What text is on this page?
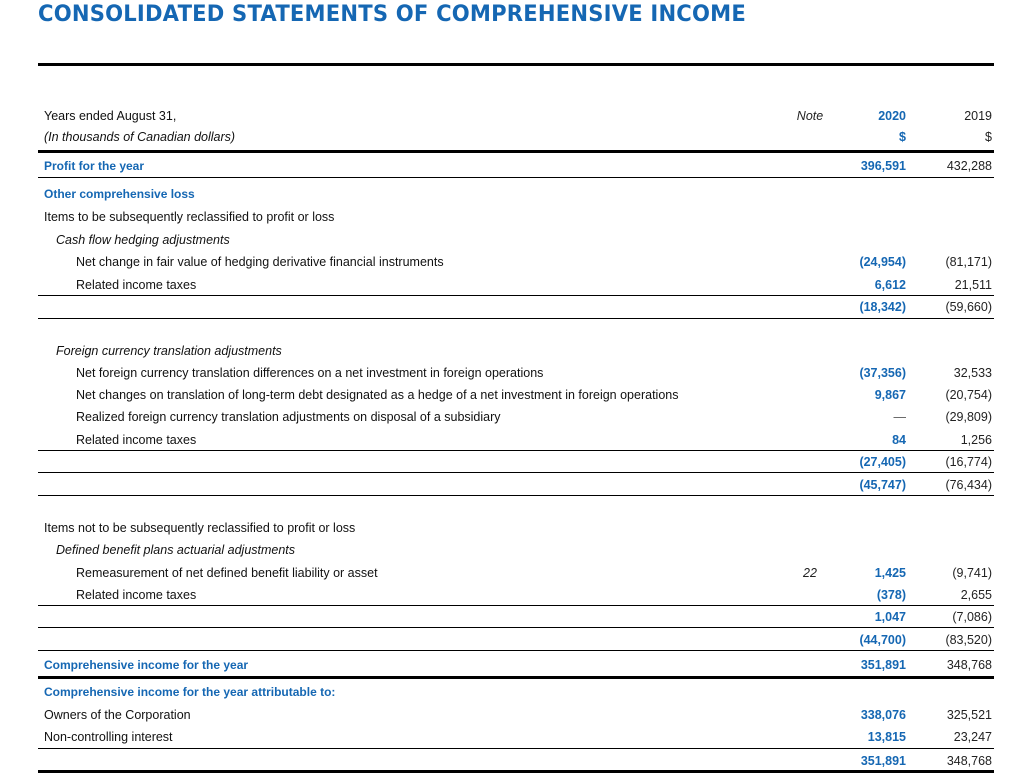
CONSOLIDATED STATEMENTS OF COMPREHENSIVE INCOME
Years ended August 31,	Note	2020	2019
(In thousands of Canadian dollars)	$	$
Profit for the year	396,591	432,288
Other comprehensive loss
Items to be subsequently reclassified to profit or loss
Cash flow hedging adjustments
Net change in fair value of hedging derivative financial instruments	(24,954)	(81,171)
Related income taxes	6,612	21,511
(18,342)	(59,660)
Foreign currency translation adjustments
Net foreign currency translation differences on a net investment in foreign operations	(37,356)	32,533
Net changes on translation of long-term debt designated as a hedge of a net investment in foreign operations	9,867	(20,754)
Realized foreign currency translation adjustments on disposal of a subsidiary	—	(29,809)
Related income taxes	84	1,256
(27,405)	(16,774)
(45,747)	(76,434)
Items not to be subsequently reclassified to profit or loss
Defined benefit plans actuarial adjustments
Remeasurement of net defined benefit liability or asset	22	1,425	(9,741)
Related income taxes	(378)	2,655
1,047	(7,086)
(44,700)	(83,520)
Comprehensive income for the year	351,891	348,768
Comprehensive income for the year attributable to:
Owners of the Corporation	338,076	325,521
Non-controlling interest	13,815	23,247
351,891	348,768
